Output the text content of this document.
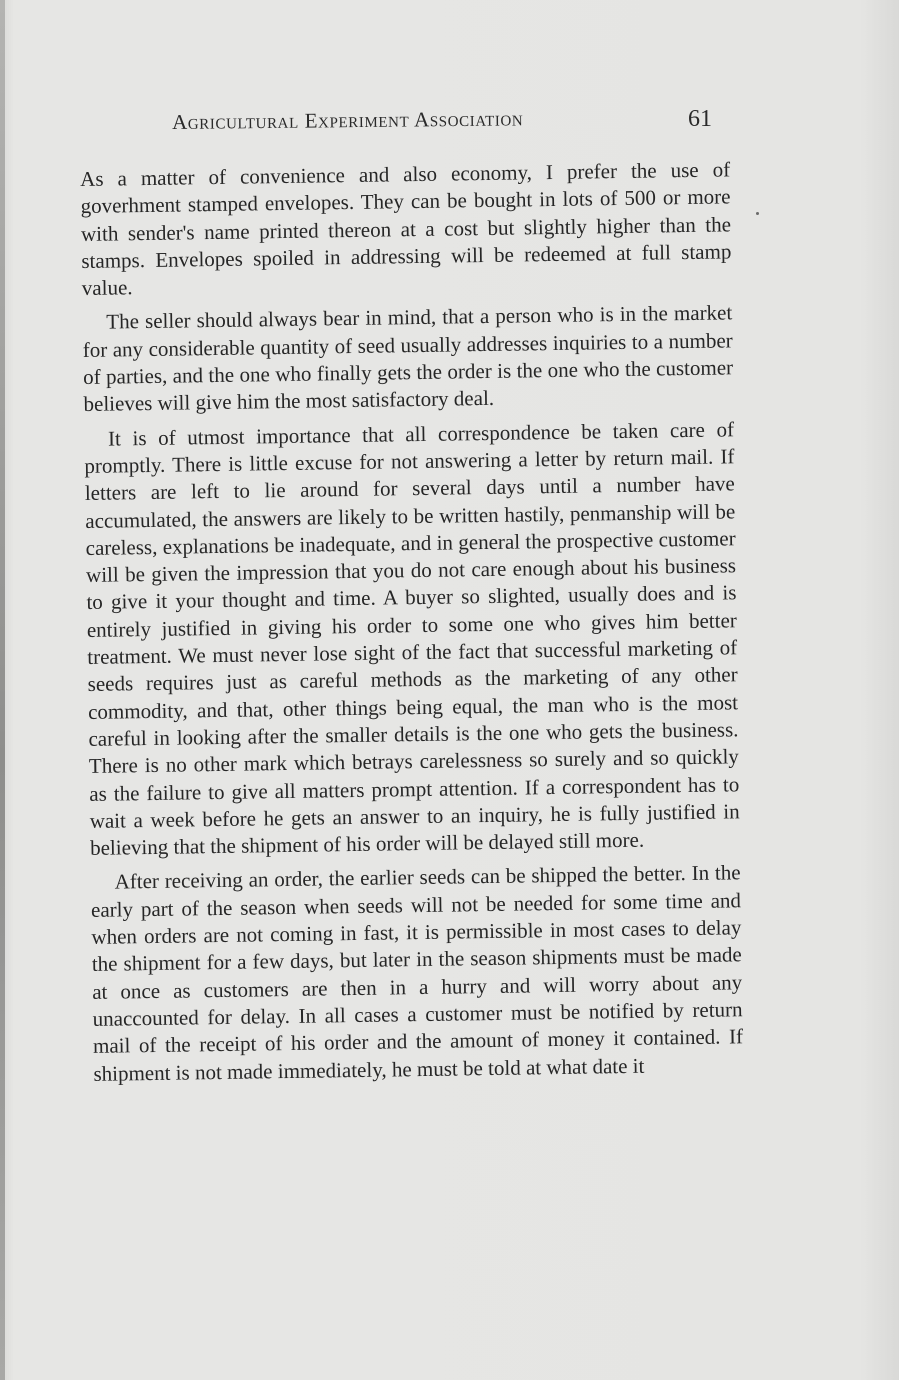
Agricultural Experiment Association	61

As a matter of convenience and also economy, I prefer the use of goverhment stamped envelopes. They can be bought in lots of 500 or more with sender's name printed thereon at a cost but slightly higher than the stamps. Envelopes spoiled in addressing will be redeemed at full stamp value.

The seller should always bear in mind, that a person who is in the market for any considerable quantity of seed usually addresses inquiries to a number of parties, and the one who finally gets the order is the one who the customer believes will give him the most satisfactory deal.

It is of utmost importance that all correspondence be taken care of promptly. There is little excuse for not answering a letter by return mail. If letters are left to lie around for several days until a number have accumulated, the answers are likely to be written hastily, penmanship will be careless, explanations be inadequate, and in general the prospective customer will be given the impression that you do not care enough about his business to give it your thought and time. A buyer so slighted, usually does and is entirely justified in giving his order to some one who gives him better treatment. We must never lose sight of the fact that successful marketing of seeds requires just as careful methods as the marketing of any other commodity, and that, other things being equal, the man who is the most careful in looking after the smaller details is the one who gets the business. There is no other mark which betrays carelessness so surely and so quickly as the failure to give all matters prompt attention. If a correspondent has to wait a week before he gets an answer to an inquiry, he is fully justified in believing that the shipment of his order will be delayed still more.

After receiving an order, the earlier seeds can be shipped the better. In the early part of the season when seeds will not be needed for some time and when orders are not coming in fast, it is permissible in most cases to delay the shipment for a few days, but later in the season shipments must be made at once as customers are then in a hurry and will worry about any unaccounted for delay. In all cases a customer must be notified by return mail of the receipt of his order and the amount of money it contained. If shipment is not made immediately, he must be told at what date it
